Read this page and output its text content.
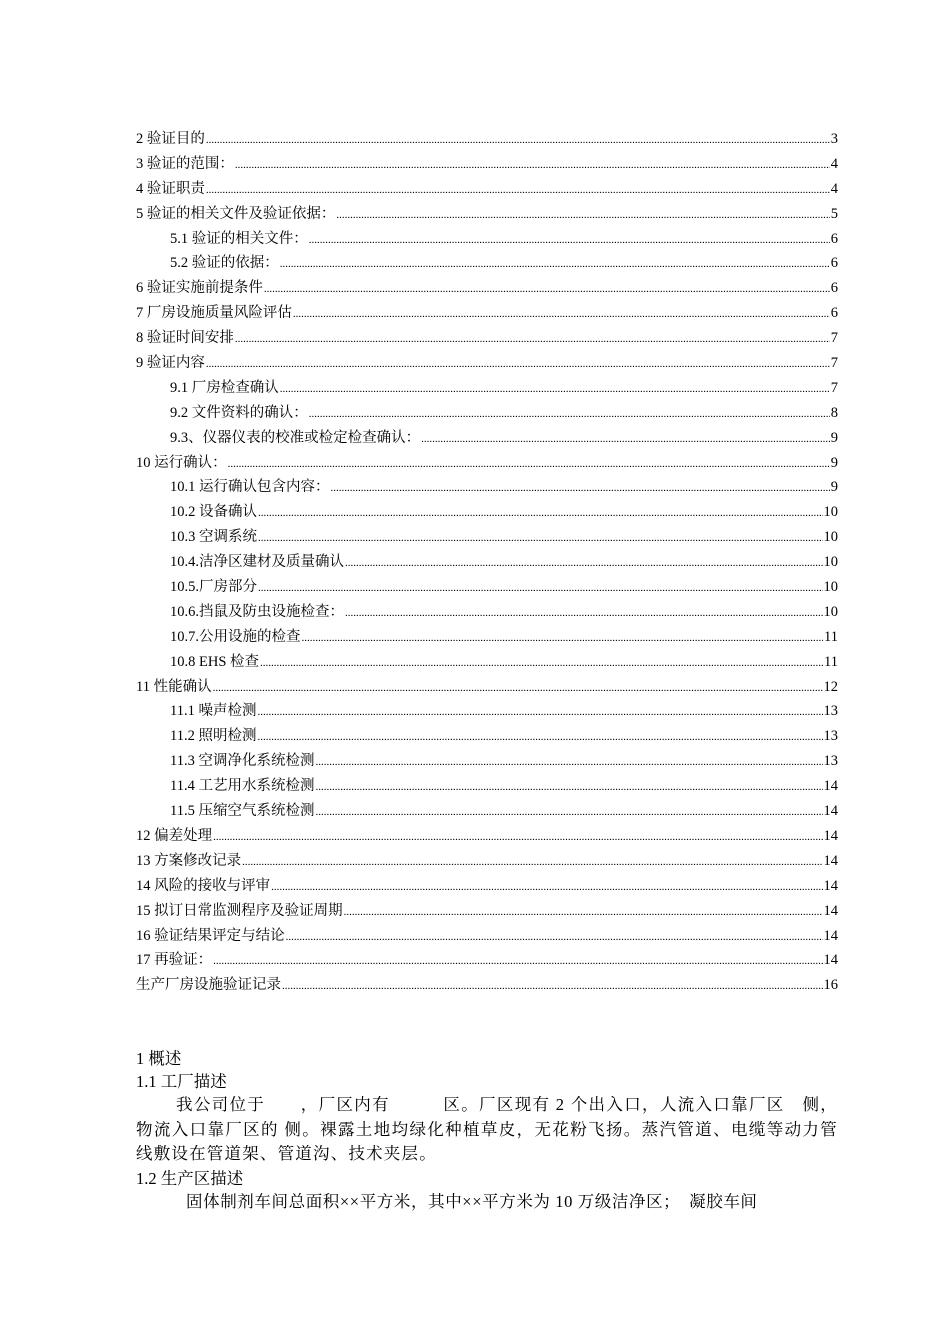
2 验证目的 .....	3
3 验证的范围： .....	4
4 验证职责 .....	4
5 验证的相关文件及验证依据： .....	5
5.1 验证的相关文件： .....	6
5.2 验证的依据： .....	6
6 验证实施前提条件 .....	6
7 厂房设施质量风险评估 .....	6
8 验证时间安排 .....	7
9 验证内容 .....	7
9.1 厂房检查确认 .....	7
9.2 文件资料的确认： .....	8
9.3、仪器仪表的校准或检定检查确认： .....	9
10 运行确认： .....	9
10.1 运行确认包含内容： .....	9
10.2 设备确认 .....	10
10.3 空调系统 .....	10
10.4.洁净区建材及质量确认 .....	10
10.5.厂房部分 .....	10
10.6.挡鼠及防虫设施检查： .....	10
10.7.公用设施的检查 .....	11
10.8 EHS 检查 .....	11
11 性能确认 .....	12
11.1 噪声检测 .....	13
11.2 照明检测 .....	13
11.3 空调净化系统检测 .....	13
11.4 工艺用水系统检测 .....	14
11.5 压缩空气系统检测 .....	14
12 偏差处理 .....	14
13 方案修改记录 .....	14
14 风险的接收与评审 .....	14
15 拟订日常监测程序及验证周期 .....	14
16 验证结果评定与结论 .....	14
17 再验证： .....	14
生产厂房设施验证记录 .....	16
1 概述
1.1 工厂描述
我公司位于　　，厂区内有　　　区。厂区现有 2 个出入口，人流入口靠厂区　侧，物流入口靠厂区的 侧。裸露土地均绿化种植草皮，无花粉飞扬。蒸汽管道、电缆等动力管线敷设在管道架、管道沟、技术夹层。
1.2 生产区描述
固体制剂车间总面积××平方米，其中××平方米为 10 万级洁净区；　凝胶车间
